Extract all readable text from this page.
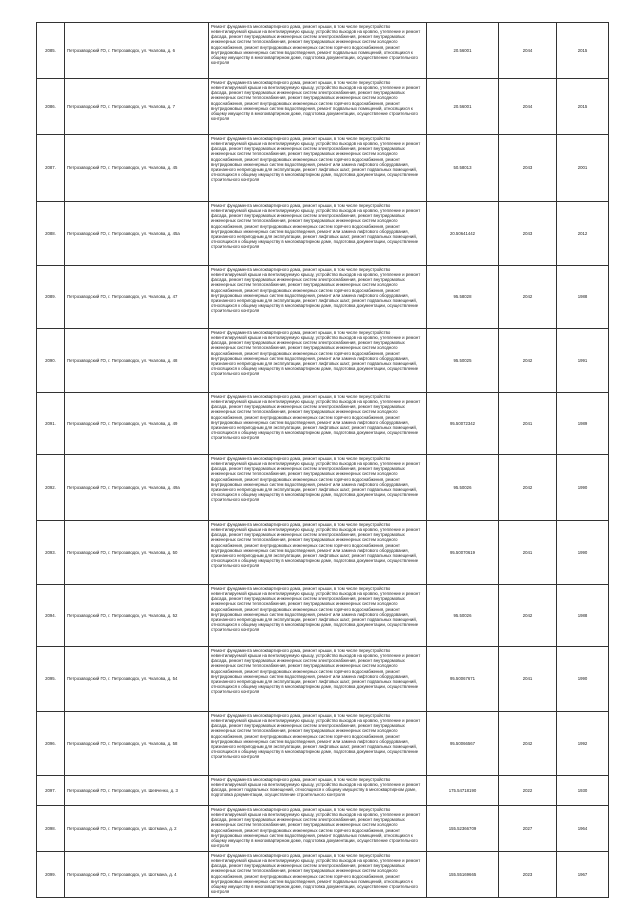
2085.	Петрозаводский ГО, г. Петрозаводск, ул. Чкалова, д. 6	Ремонт фундамента многоквартирного дома, ремонт крыши, в том числе переустройство невентилируемой крыши на вентилируемую крышу, устройство выходов на кровлю, утепление и ремонт фасада, ремонт внутридомовых инженерных систем электроснабжения, ремонт внутридомовых инженерных систем теплоснабжения, ремонт внутридомовых инженерных систем холодного водоснабжения, ремонт внутридомовых инженерных систем горячего водоснабжения, ремонт внутридомовых инженерных систем водоотведения, ремонт подвальных помещений, относящихся к общему имуществу в многоквартирном доме, подготовка документации, осуществление строительного контроля	20.56001	2044	2015
2086.	Петрозаводский ГО, г. Петрозаводск, ул. Чкалова, д. 7	Ремонт фундамента многоквартирного дома, ремонт крыши, в том числе переустройство невентилируемой крыши на вентилируемую крышу, устройство выходов на кровлю, утепление и ремонт фасада, ремонт внутридомовых инженерных систем электроснабжения, ремонт внутридомовых инженерных систем теплоснабжения, ремонт внутридомовых инженерных систем холодного водоснабжения, ремонт внутридомовых инженерных систем горячего водоснабжения, ремонт внутридомовых инженерных систем водоотведения, ремонт подвальных помещений, относящихся к общему имуществу в многоквартирном доме, подготовка документации, осуществление строительного контроля	20.56001	2044	2015
2087.	Петрозаводский ГО, г. Петрозаводск, ул. Чкалова, д. 45	Ремонт фундамента многоквартирного дома, ремонт крыши, в том числе переустройство невентилируемой крыши на вентилируемую крышу, устройство выходов на кровлю, утепление и ремонт фасада, ремонт внутридомовых инженерных систем электроснабжения, ремонт внутридомовых инженерных систем теплоснабжения, ремонт внутридомовых инженерных систем холодного водоснабжения, ремонт внутридомовых инженерных систем горячего водоснабжения, ремонт внутридомовых инженерных систем водоотведения, ремонт или замена лифтового оборудования, признанного непригодным для эксплуатации, ремонт лифтовых шахт, ремонт подвальных помещений, относящихся к общему имуществу в многоквартирном доме, подготовка документации, осуществление строительного контроля	50.58013	2043	2001
2088.	Петрозаводский ГО, г. Петрозаводск, ул. Чкалова, д. 45а	Ремонт фундамента многоквартирного дома, ремонт крыши, в том числе переустройство невентилируемой крыши на вентилируемую крышу, устройство выходов на кровлю, утепление и ремонт фасада, ремонт внутридомовых инженерных систем электроснабжения, ремонт внутридомовых инженерных систем теплоснабжения, ремонт внутридомовых инженерных систем холодного водоснабжения, ремонт внутридомовых инженерных систем горячего водоснабжения, ремонт внутридомовых инженерных систем водоотведения, ремонт или замена лифтового оборудования, признанного непригодным для эксплуатации, ремонт лифтовых шахт, ремонт подвальных помещений, относящихся к общему имуществу в многоквартирном доме, подготовка документации, осуществление строительного контроля	20.50641442	2043	2012
2089.	Петрозаводский ГО, г. Петрозаводск, ул. Чкалова, д. 47	Ремонт фундамента многоквартирного дома, ремонт крыши, в том числе переустройство невентилируемой крыши на вентилируемую крышу, устройство выходов на кровлю, утепление и ремонт фасада, ремонт внутридомовых инженерных систем электроснабжения, ремонт внутридомовых инженерных систем теплоснабжения, ремонт внутридомовых инженерных систем холодного водоснабжения, ремонт внутридомовых инженерных систем горячего водоснабжения, ремонт внутридомовых инженерных систем водоотведения, ремонт или замена лифтового оборудования, признанного непригодным для эксплуатации, ремонт лифтовых шахт, ремонт подвальных помещений, относящихся к общему имуществу в многоквартирном доме, подготовка документации, осуществление строительного контроля	95.58028	2042	1988
2090.	Петрозаводский ГО, г. Петрозаводск, ул. Чкалова, д. 48	Ремонт фундамента многоквартирного дома, ремонт крыши, в том числе переустройство невентилируемой крыши на вентилируемую крышу, устройство выходов на кровлю, утепление и ремонт фасада, ремонт внутридомовых инженерных систем электроснабжения, ремонт внутридомовых инженерных систем теплоснабжения, ремонт внутридомовых инженерных систем холодного водоснабжения, ремонт внутридомовых инженерных систем горячего водоснабжения, ремонт внутридомовых инженерных систем водоотведения, ремонт или замена лифтового оборудования, признанного непригодным для эксплуатации, ремонт лифтовых шахт, ремонт подвальных помещений, относящихся к общему имуществу в многоквартирном доме, подготовка документации, осуществление строительного контроля	95.50025	2042	1991
2091.	Петрозаводский ГО, г. Петрозаводск, ул. Чкалова, д. 49	Ремонт фундамента многоквартирного дома, ремонт крыши, в том числе переустройство невентилируемой крыши на вентилируемую крышу, устройство выходов на кровлю, утепление и ремонт фасада, ремонт внутридомовых инженерных систем электроснабжения, ремонт внутридомовых инженерных систем теплоснабжения, ремонт внутридомовых инженерных систем холодного водоснабжения, ремонт внутридомовых инженерных систем горячего водоснабжения, ремонт внутридомовых инженерных систем водоотведения, ремонт или замена лифтового оборудования, признанного непригодным для эксплуатации, ремонт лифтовых шахт, ремонт подвальных помещений, относящихся к общему имуществу в многоквартирном доме, подготовка документации, осуществление строительного контроля	95.50072342	2041	1989
2092.	Петрозаводский ГО, г. Петрозаводск, ул. Чкалова, д. 49а	Ремонт фундамента многоквартирного дома, ремонт крыши, в том числе переустройство невентилируемой крыши на вентилируемую крышу, устройство выходов на кровлю, утепление и ремонт фасада, ремонт внутридомовых инженерных систем электроснабжения, ремонт внутридомовых инженерных систем теплоснабжения, ремонт внутридомовых инженерных систем холодного водоснабжения, ремонт внутридомовых инженерных систем горячего водоснабжения, ремонт внутридомовых инженерных систем водоотведения, ремонт или замена лифтового оборудования, признанного непригодным для эксплуатации, ремонт лифтовых шахт, ремонт подвальных помещений, относящихся к общему имуществу в многоквартирном доме, подготовка документации, осуществление строительного контроля	95.50026	2042	1990
2093.	Петрозаводский ГО, г. Петрозаводск, ул. Чкалова, д. 50	Ремонт фундамента многоквартирного дома, ремонт крыши, в том числе переустройство невентилируемой крыши на вентилируемую крышу, устройство выходов на кровлю, утепление и ремонт фасада, ремонт внутридомовых инженерных систем электроснабжения, ремонт внутридомовых инженерных систем теплоснабжения, ремонт внутридомовых инженерных систем холодного водоснабжения, ремонт внутридомовых инженерных систем горячего водоснабжения, ремонт внутридомовых инженерных систем водоотведения, ремонт или замена лифтового оборудования, признанного непригодным для эксплуатации, ремонт лифтовых шахт, ремонт подвальных помещений, относящихся к общему имуществу в многоквартирном доме, подготовка документации, осуществление строительного контроля	95.50070619	2041	1990
2094.	Петрозаводский ГО, г. Петрозаводск, ул. Чкалова, д. 52	Ремонт фундамента многоквартирного дома, ремонт крыши, в том числе переустройство невентилируемой крыши на вентилируемую крышу, устройство выходов на кровлю, утепление и ремонт фасада, ремонт внутридомовых инженерных систем электроснабжения, ремонт внутридомовых инженерных систем теплоснабжения, ремонт внутридомовых инженерных систем холодного водоснабжения, ремонт внутридомовых инженерных систем горячего водоснабжения, ремонт внутридомовых инженерных систем водоотведения, ремонт или замена лифтового оборудования, признанного непригодным для эксплуатации, ремонт лифтовых шахт, ремонт подвальных помещений, относящихся к общему имуществу в многоквартирном доме, подготовка документации, осуществление строительного контроля	95.50026	2042	1988
2095.	Петрозаводский ГО, г. Петрозаводск, ул. Чкалова, д. 54	Ремонт фундамента многоквартирного дома, ремонт крыши, в том числе переустройство невентилируемой крыши на вентилируемую крышу, устройство выходов на кровлю, утепление и ремонт фасада, ремонт внутридомовых инженерных систем электроснабжения, ремонт внутридомовых инженерных систем теплоснабжения, ремонт внутридомовых инженерных систем холодного водоснабжения, ремонт внутридомовых инженерных систем горячего водоснабжения, ремонт внутридомовых инженерных систем водоотведения, ремонт или замена лифтового оборудования, признанного непригодным для эксплуатации, ремонт лифтовых шахт, ремонт подвальных помещений, относящихся к общему имуществу в многоквартирном доме, подготовка документации, осуществление строительного контроля	95.50067671	2041	1990
2096.	Петрозаводский ГО, г. Петрозаводск, ул. Чкалова, д. 58	Ремонт фундамента многоквартирного дома, ремонт крыши, в том числе переустройство невентилируемой крыши на вентилируемую крышу, устройство выходов на кровлю, утепление и ремонт фасада, ремонт внутридомовых инженерных систем электроснабжения, ремонт внутридомовых инженерных систем теплоснабжения, ремонт внутридомовых инженерных систем холодного водоснабжения, ремонт внутридомовых инженерных систем горячего водоснабжения, ремонт внутридомовых инженерных систем водоотведения, ремонт или замена лифтового оборудования, признанного непригодным для эксплуатации, ремонт лифтовых шахт, ремонт подвальных помещений, относящихся к общему имуществу в многоквартирном доме, подготовка документации, осуществление строительного контроля	95.50066567	2042	1992
2097.	Петрозаводский ГО, г. Петрозаводск, ул. Шевченко, д. 3	Ремонт фундамента многоквартирного дома, ремонт крыши, в том числе переустройство невентилируемой крыши на вентилируемую крышу, устройство выходов на кровлю, утепление и ремонт фасада, ремонт подвальных помещений, относящихся к общему имуществу в многоквартирном доме, подготовка документации, осуществление строительного контроля	175.54718190	2022	1930
2098.	Петрозаводский ГО, г. Петрозаводск, ул. Шотмана, д. 2	Ремонт фундамента многоквартирного дома, ремонт крыши, в том числе переустройство невентилируемой крыши на вентилируемую крышу, устройство выходов на кровлю, утепление и ремонт фасада, ремонт внутридомовых инженерных систем электроснабжения, ремонт внутридомовых инженерных систем теплоснабжения, ремонт внутридомовых инженерных систем холодного водоснабжения, ремонт внутридомовых инженерных систем горячего водоснабжения, ремонт внутридомовых инженерных систем водоотведения, ремонт подвальных помещений, относящихся к общему имуществу в многоквартирном доме, подготовка документации, осуществление строительного контроля	155.52366709	2027	1964
2099.	Петрозаводский ГО, г. Петрозаводск, ул. Шотмана, д. 4	Ремонт фундамента многоквартирного дома, ремонт крыши, в том числе переустройство невентилируемой крыши на вентилируемую крышу, устройство выходов на кровлю, утепление и ремонт фасада, ремонт внутридомовых инженерных систем электроснабжения, ремонт внутридомовых инженерных систем теплоснабжения, ремонт внутридомовых инженерных систем холодного водоснабжения, ремонт внутридомовых инженерных систем горячего водоснабжения, ремонт внутридомовых инженерных систем водоотведения, ремонт подвальных помещений, относящихся к общему имуществу в многоквартирном доме, подготовка документации, осуществление строительного контроля	155.55169665	2023	1967
